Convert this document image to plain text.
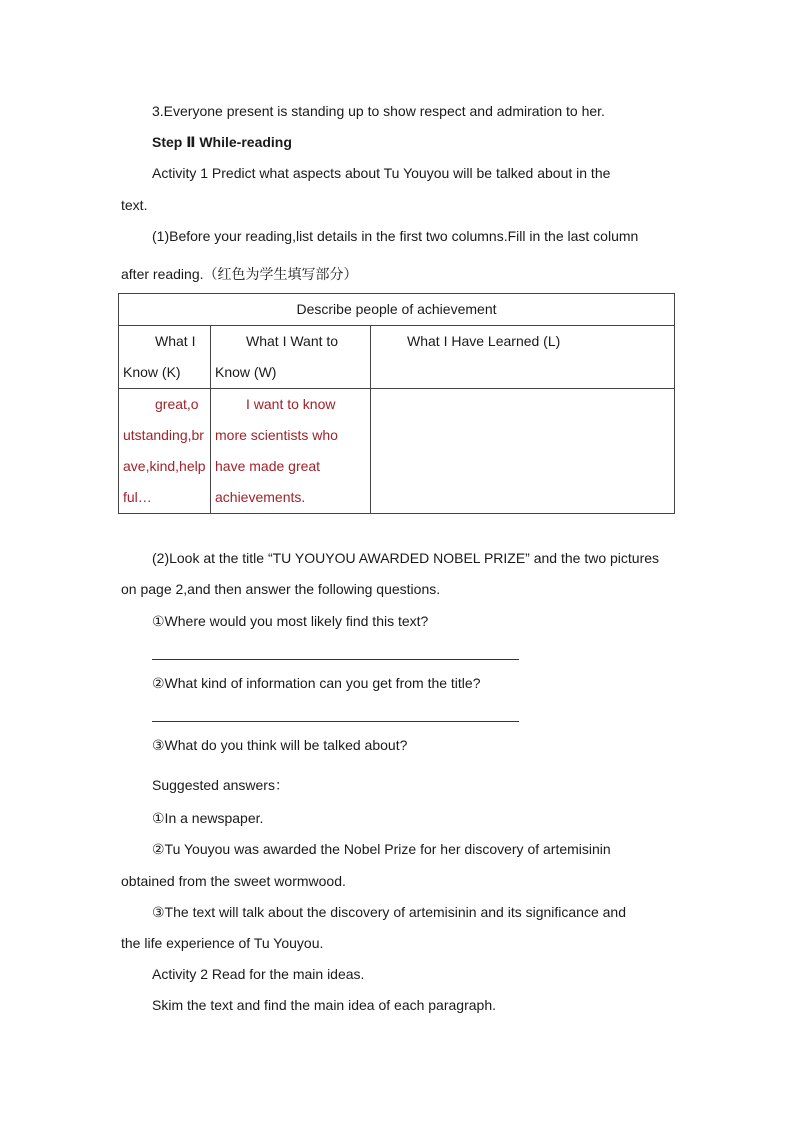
3.Everyone present is standing up to show respect and admiration to her.
Step Ⅱ While-reading
Activity 1 Predict what aspects about Tu Youyou will be talked about in the
text.
(1)Before your reading,list details in the first two columns.Fill in the last column
after reading.（红色为学生填写部分）
Describe people of achievement		
What I Know (K)	What I Want to Know (W)	What I Have Learned (L)
great,outstanding,brave,kind,helpful…	I want to know more scientists who have made great achievements.	
(2)Look at the title “TU YOUYOU AWARDED NOBEL PRIZE” and the two pictures
on page 2,and then answer the following questions.
①Where would you most likely find this text?
②What kind of information can you get from the title?
③What do you think will be talked about?
Suggested answers：
①In a newspaper.
②Tu Youyou was awarded the Nobel Prize for her discovery of artemisinin
obtained from the sweet wormwood.
③The text will talk about the discovery of artemisinin and its significance and
the life experience of Tu Youyou.
Activity 2 Read for the main ideas.
Skim the text and find the main idea of each paragraph.
